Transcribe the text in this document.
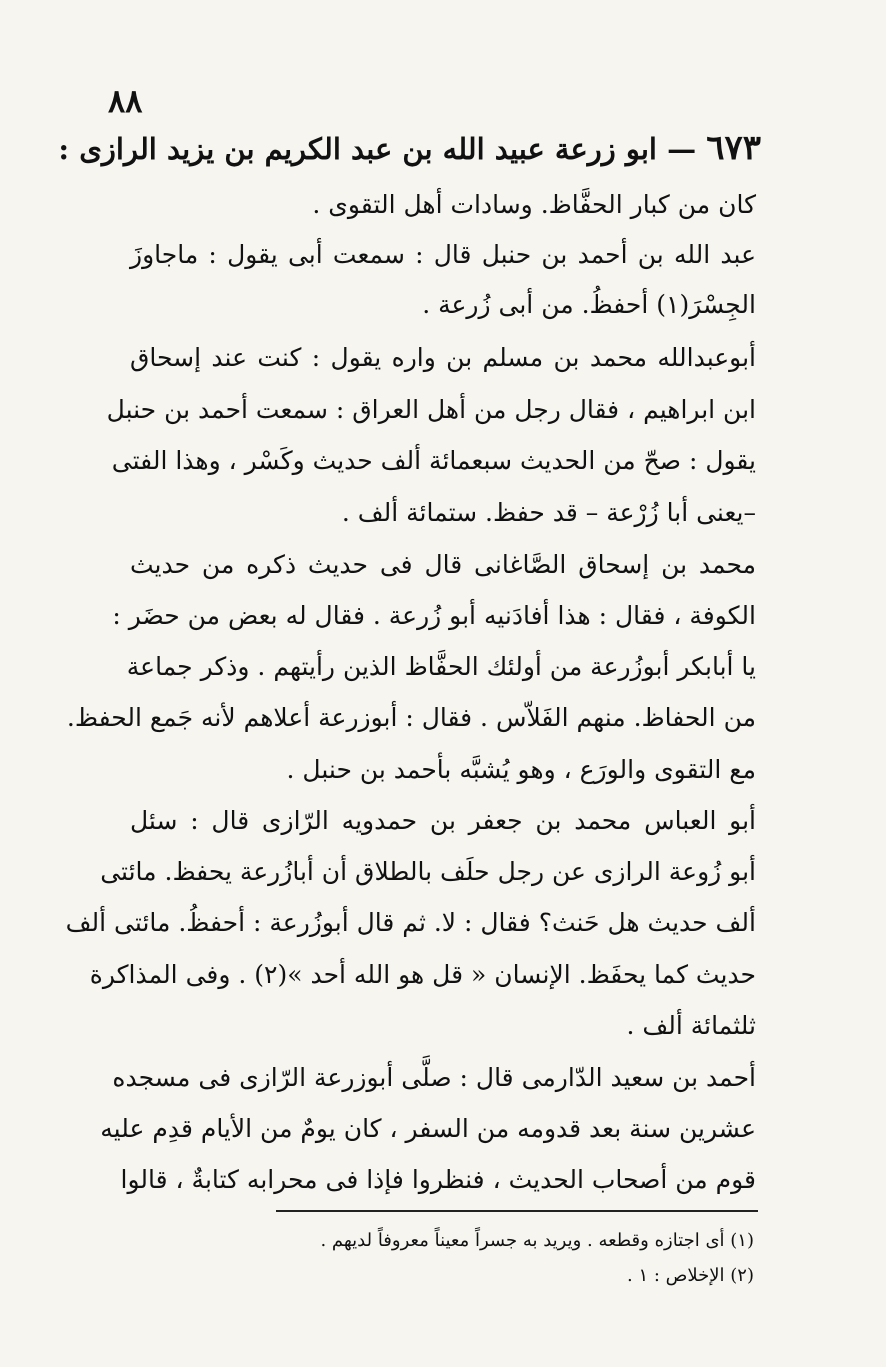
٨٨
٦٧٣ — ابو زرعة عبيد الله بن عبد الكريم بن يزيد الرازى :
كان من كبار الحفَّاظ. وسادات أهل التقوى .
عبد الله بن أحمد بن حنبل قال : سمعت أبى يقول : ماجاوزَ
الجِسْرَ(١) أحفظُ. من أبى زُرعة .
أبوعبدالله محمد بن مسلم بن واره يقول : كنت عند إسحاق
ابن ابراهيم ، فقال رجل من أهل العراق : سمعت أحمد بن حنبل
يقول : صحّ من الحديث سبعمائة ألف حديث وكَسْر ، وهذا الفتى
–يعنى أبا زُرْعة – قد حفظ. ستمائة ألف .
محمد بن إسحاق الصَّاغانى قال فى حديث ذكره من حديث
الكوفة ، فقال : هذا أفادَنيه أبو زُرعة . فقال له بعض من حضَر :
يا أبابكر أبوزُرعة من أولئك الحفَّاظ الذين رأيتهم . وذكر جماعة
من الحفاظ. منهم الفَلاّس . فقال : أبوزرعة أعلاهم لأنه جَمع الحفظ.
مع التقوى والورَع ، وهو يُشبَّه بأحمد بن حنبل .
أبو العباس محمد بن جعفر بن حمدويه الرّازى قال : سئل
أبو زُوعة الرازى عن رجل حلَف بالطلاق أن أبازُرعة يحفظ. مائتى
ألف حديث هل حَنث؟ فقال : لا. ثم قال أبوزُرعة : أحفظُ. مائتى ألف
حديث كما يحفَظ. الإنسان « قل هو الله أحد »(٢) . وفى المذاكرة
ثلثمائة ألف .
أحمد بن سعيد الدّارمى قال : صلَّى أبوزرعة الرّازى فى مسجده
عشرين سنة بعد قدومه من السفر ، كان يومٌ من الأيام قدِم عليه
قوم من أصحاب الحديث ، فنظروا فإذا فى محرابه كتابةٌ ، قالوا
(١) أى اجتازه وقطعه . ويريد به جسراً معيناً معروفاً لديهم .
(٢) الإخلاص : ١ .
